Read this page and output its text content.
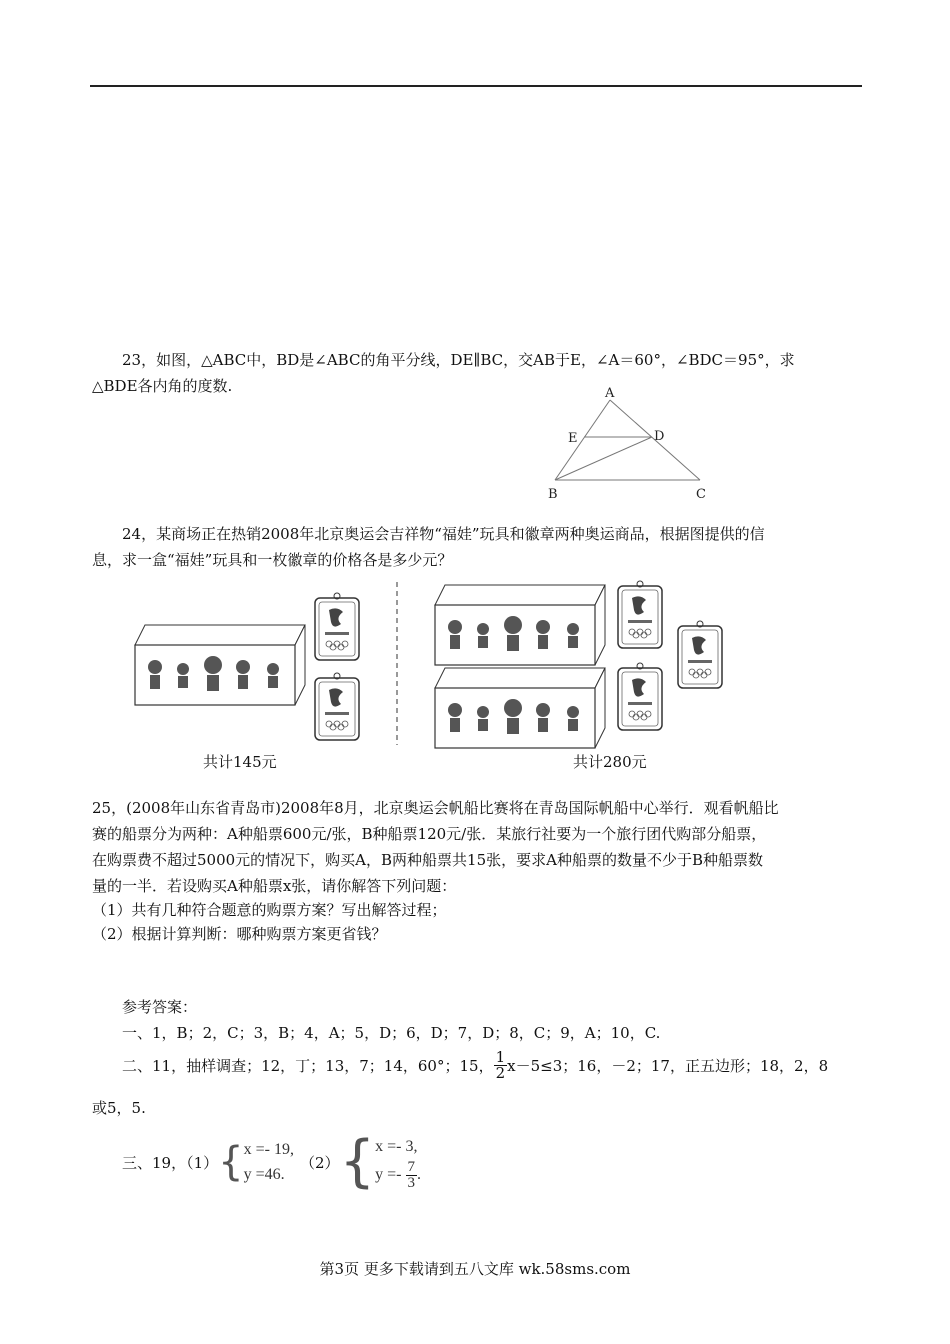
23，如图，△ABC中，BD是∠ABC的角平分线，DE∥BC，交AB于E，∠A＝60°，∠BDC＝95°，求
△BDE各内角的度数.	A
E	D
B	C
24，某商场正在热销2008年北京奥运会吉祥物“福娃”玩具和徽章两种奥运商品，根据图提供的信
息，求一盒“福娃”玩具和一枚徽章的价格各是多少元？
共计145元	共计280元
25，(2008年山东省青岛市)2008年8月，北京奥运会帆船比赛将在青岛国际帆船中心举行．观看帆船比
赛的船票分为两种：A种船票600元/张，B种船票120元/张．某旅行社要为一个旅行团代购部分船票，
在购票费不超过5000元的情况下，购买A，B两种船票共15张，要求A种船票的数量不少于B种船票数
量的一半．若设购买A种船票x张，请你解答下列问题：
（1）共有几种符合题意的购票方案？写出解答过程；
（2）根据计算判断：哪种购票方案更省钱？
参考答案：
一、1，B；2，C；3，B；4，A；5，D；6，D；7，D；8，C；9，A；10，C.
二、11，抽样调查；12，丁；13，7；14，60°；15， $\frac{1}{2} x-5\le 3$；16，－2；17，正五边形；18，2，8
或5，5.
三、19，（1） { x =- 19,
y =46.
（2） { x =- 3,
$y =- \frac{7}{3}$ .
第3页 更多下载请到五八文库 wk.58sms.com
